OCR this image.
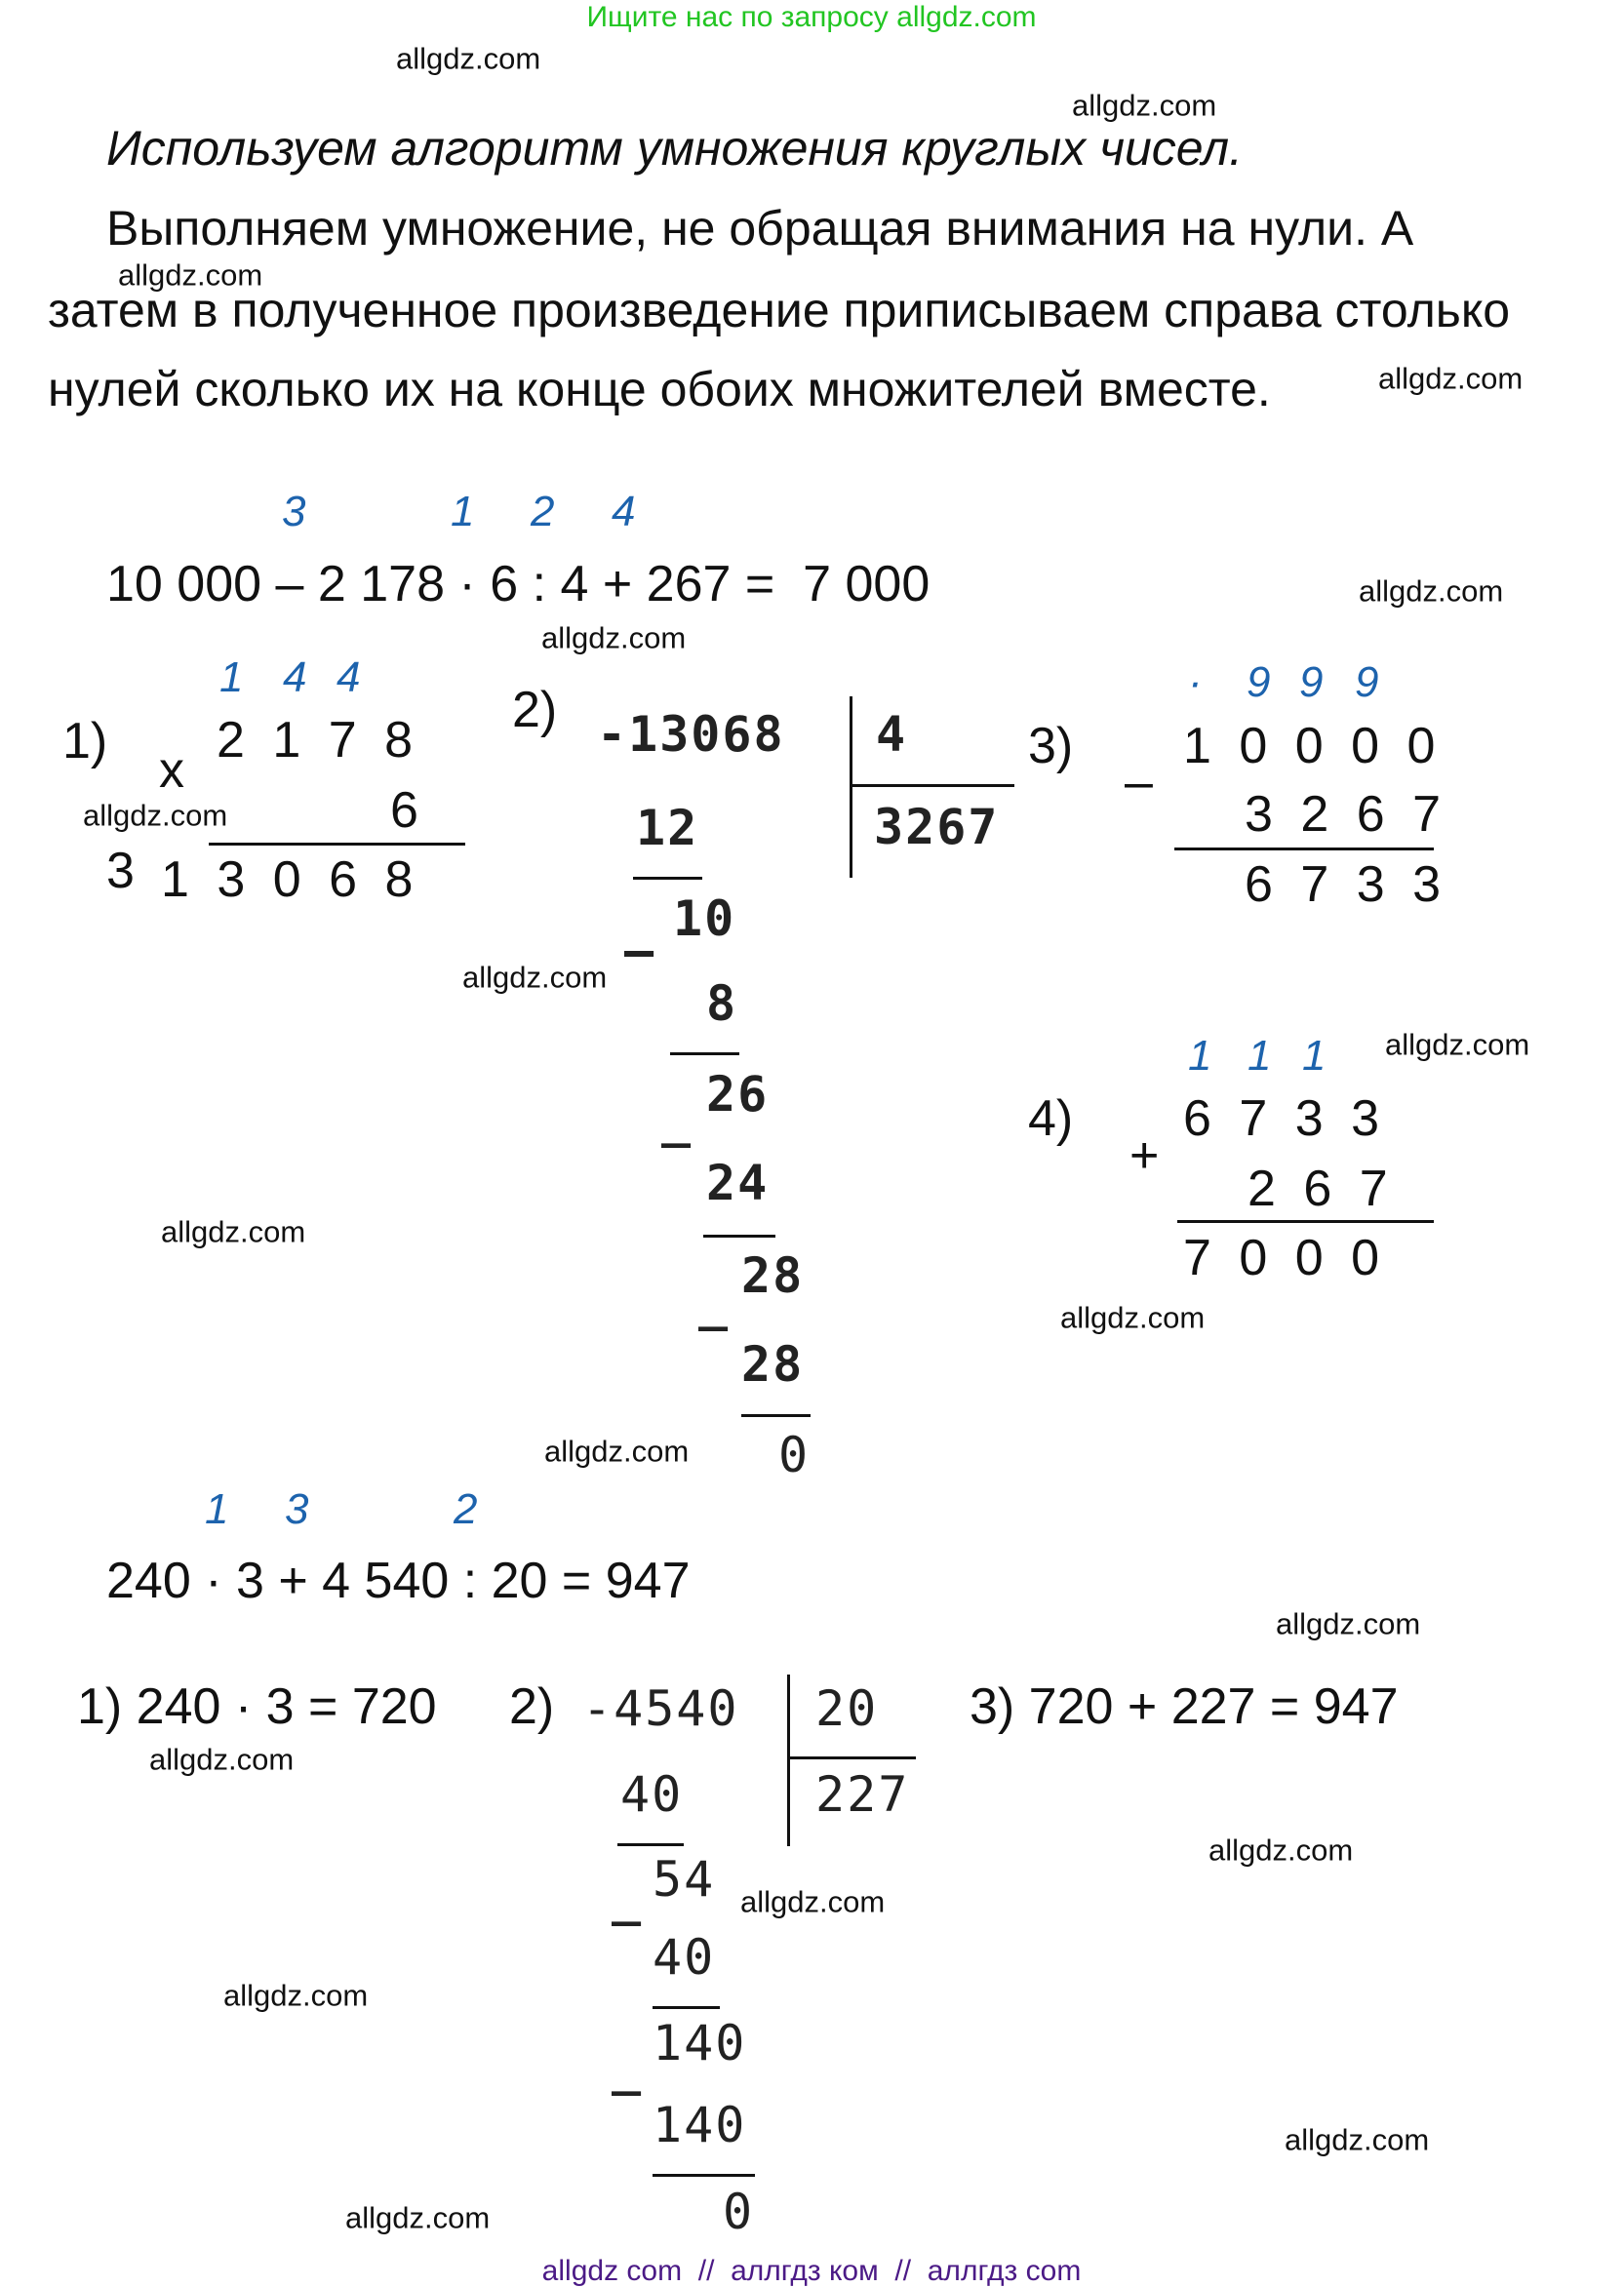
Ищите нас по запросу allgdz.com
allgdz.com
allgdz.com
allgdz.com
allgdz.com
allgdz.com
allgdz.com
allgdz.com
allgdz.com
allgdz.com
allgdz.com
allgdz.com
allgdz.com
allgdz.com
allgdz.com
allgdz.com
allgdz.com
allgdz.com
allgdz.com
allgdz.com
Используем алгоритм умножения круглых чисел.
Выполняем умножение, не обращая внимания на нули. А
затем в полученное произведение приписываем справа столько
нулей сколько их на конце обоих множителей вместе.
3	1 2 4
10 000 – 2 178 · 6 : 4 + 267 =  7 000
1)
1 4 4
2 1 7 8
x
6
3 1 3 0 6 8
2) -13068 4
3267
12
10
–
8
26
_
24
28
_
28
0
3)
· 9 9 9
–
1 0 0 0 0
3 2 6 7
6 7 3 3
4)
1 1 1
+
6 7 3 3
2 6 7
7 0 0 0
1 3	2
240 · 3 + 4 540 : 20 = 947
1) 240 · 3 = 720 2) -4540 20
227
40
_ 54
40
_ 140
140
0
3) 720 + 227 = 947
allgdz com  //  аллгдз ком  //  аллгдз com
